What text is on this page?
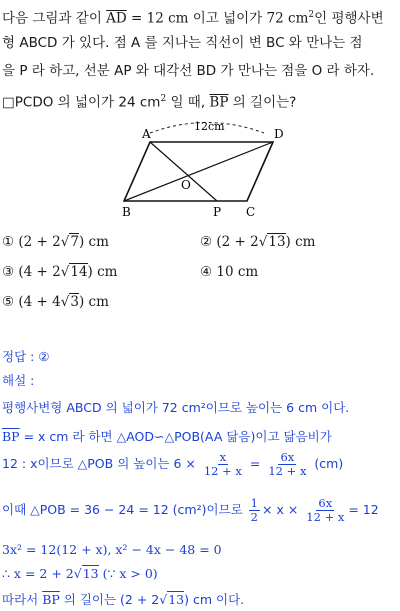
다음 그림과 같이 $\overline{AD} = 12$ cm 이고 넓이가 72 $cm^2$인 평행사변
형 ABCD 가 있다. 점 A 를 지나는 직선이 변 BC 와 만나는 점
을 P 라 하고, 선분 AP 와 대각선 BD 가 만나는 점을 O 라 하자.
□PCDO 의 넓이가 24 $cm^2$ 일 때, $\overline{BP}$ 의 길이는?
A	D
B	C
P
O
12cm
① (2 + 2√7) cm	② (2 + 2√13) cm
③ (4 + 2√14) cm	④ 10 cm
⑤ (4 + 4√3) cm
정답 : ②
해설 :
평행사변형 ABCD 의 넓이가 72 cm²이므로 높이는 6 cm 이다.
$\overline{BP} = x$ cm 라 하면 △AOD∽△POB(AA 닮음)이고 닮음비가
12 : x이므로 △POB 의 높이는 $6 \times \frac{x}{12 + x} = \frac{6x}{12 + x} (cm)$
이때 △POB = 36 − 24 = 12 (cm²)이므로 $\frac{1}{2} \times x \times \frac{6x}{12 + x} = 12$
3x² = 12(12 + x), x² − 4x − 48 = 0
∴ x = 2 + 2√13 (∵ x > 0)
따라서 $\overline{BP}$ 의 길이는 (2 + 2√13) cm 이다.
